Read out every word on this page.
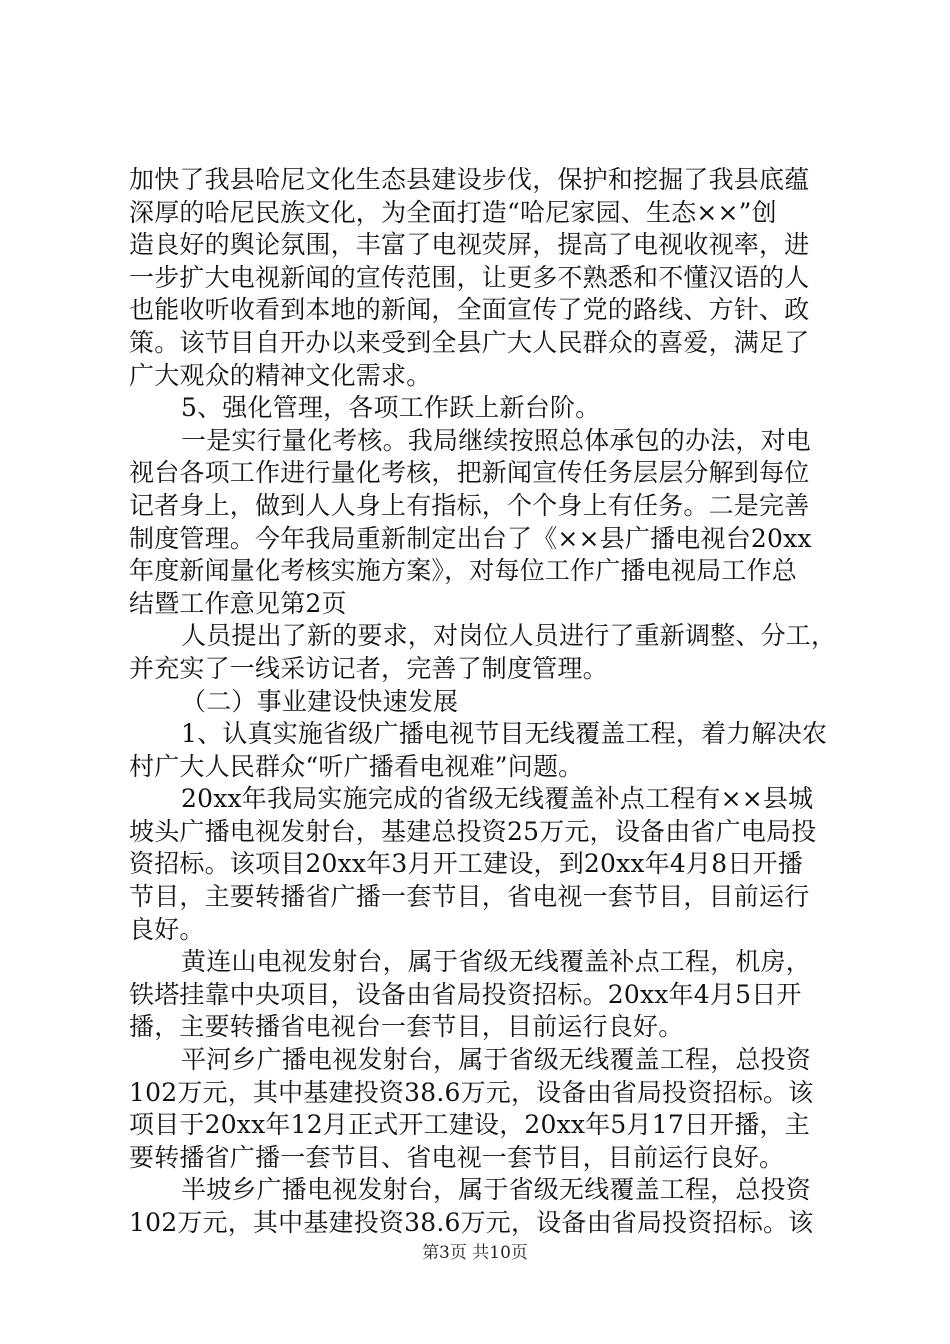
加快了我县哈尼文化生态县建设步伐，保护和挖掘了我县底蕴
深厚的哈尼民族文化，为全面打造“哈尼家园、生态××”创
造良好的舆论氛围，丰富了电视荧屏，提高了电视收视率，进
一步扩大电视新闻的宣传范围，让更多不熟悉和不懂汉语的人
也能收听收看到本地的新闻，全面宣传了党的路线、方针、政
策。该节目自开办以来受到全县广大人民群众的喜爱，满足了
广大观众的精神文化需求。
5、强化管理，各项工作跃上新台阶。
一是实行量化考核。我局继续按照总体承包的办法，对电
视台各项工作进行量化考核，把新闻宣传任务层层分解到每位
记者身上，做到人人身上有指标，个个身上有任务。二是完善
制度管理。今年我局重新制定出台了《××县广播电视台20xx
年度新闻量化考核实施方案》，对每位工作广播电视局工作总
结暨工作意见第2页
人员提出了新的要求，对岗位人员进行了重新调整、分工，
并充实了一线采访记者，完善了制度管理。
（二）事业建设快速发展
1、认真实施省级广播电视节目无线覆盖工程，着力解决农
村广大人民群众“听广播看电视难”问题。
20xx年我局实施完成的省级无线覆盖补点工程有××县城
坡头广播电视发射台，基建总投资25万元，设备由省广电局投
资招标。该项目20xx年3月开工建设，到20xx年4月8日开播
节目，主要转播省广播一套节目，省电视一套节目，目前运行
良好。
黄连山电视发射台，属于省级无线覆盖补点工程，机房，
铁塔挂靠中央项目，设备由省局投资招标。20xx年4月5日开
播，主要转播省电视台一套节目，目前运行良好。
平河乡广播电视发射台，属于省级无线覆盖工程，总投资
102万元，其中基建投资38.6万元，设备由省局投资招标。该
项目于20xx年12月正式开工建设，20xx年5月17日开播，主
要转播省广播一套节目、省电视一套节目，目前运行良好。
半坡乡广播电视发射台，属于省级无线覆盖工程，总投资
102万元，其中基建投资38.6万元，设备由省局投资招标。该
第3页 共10页
